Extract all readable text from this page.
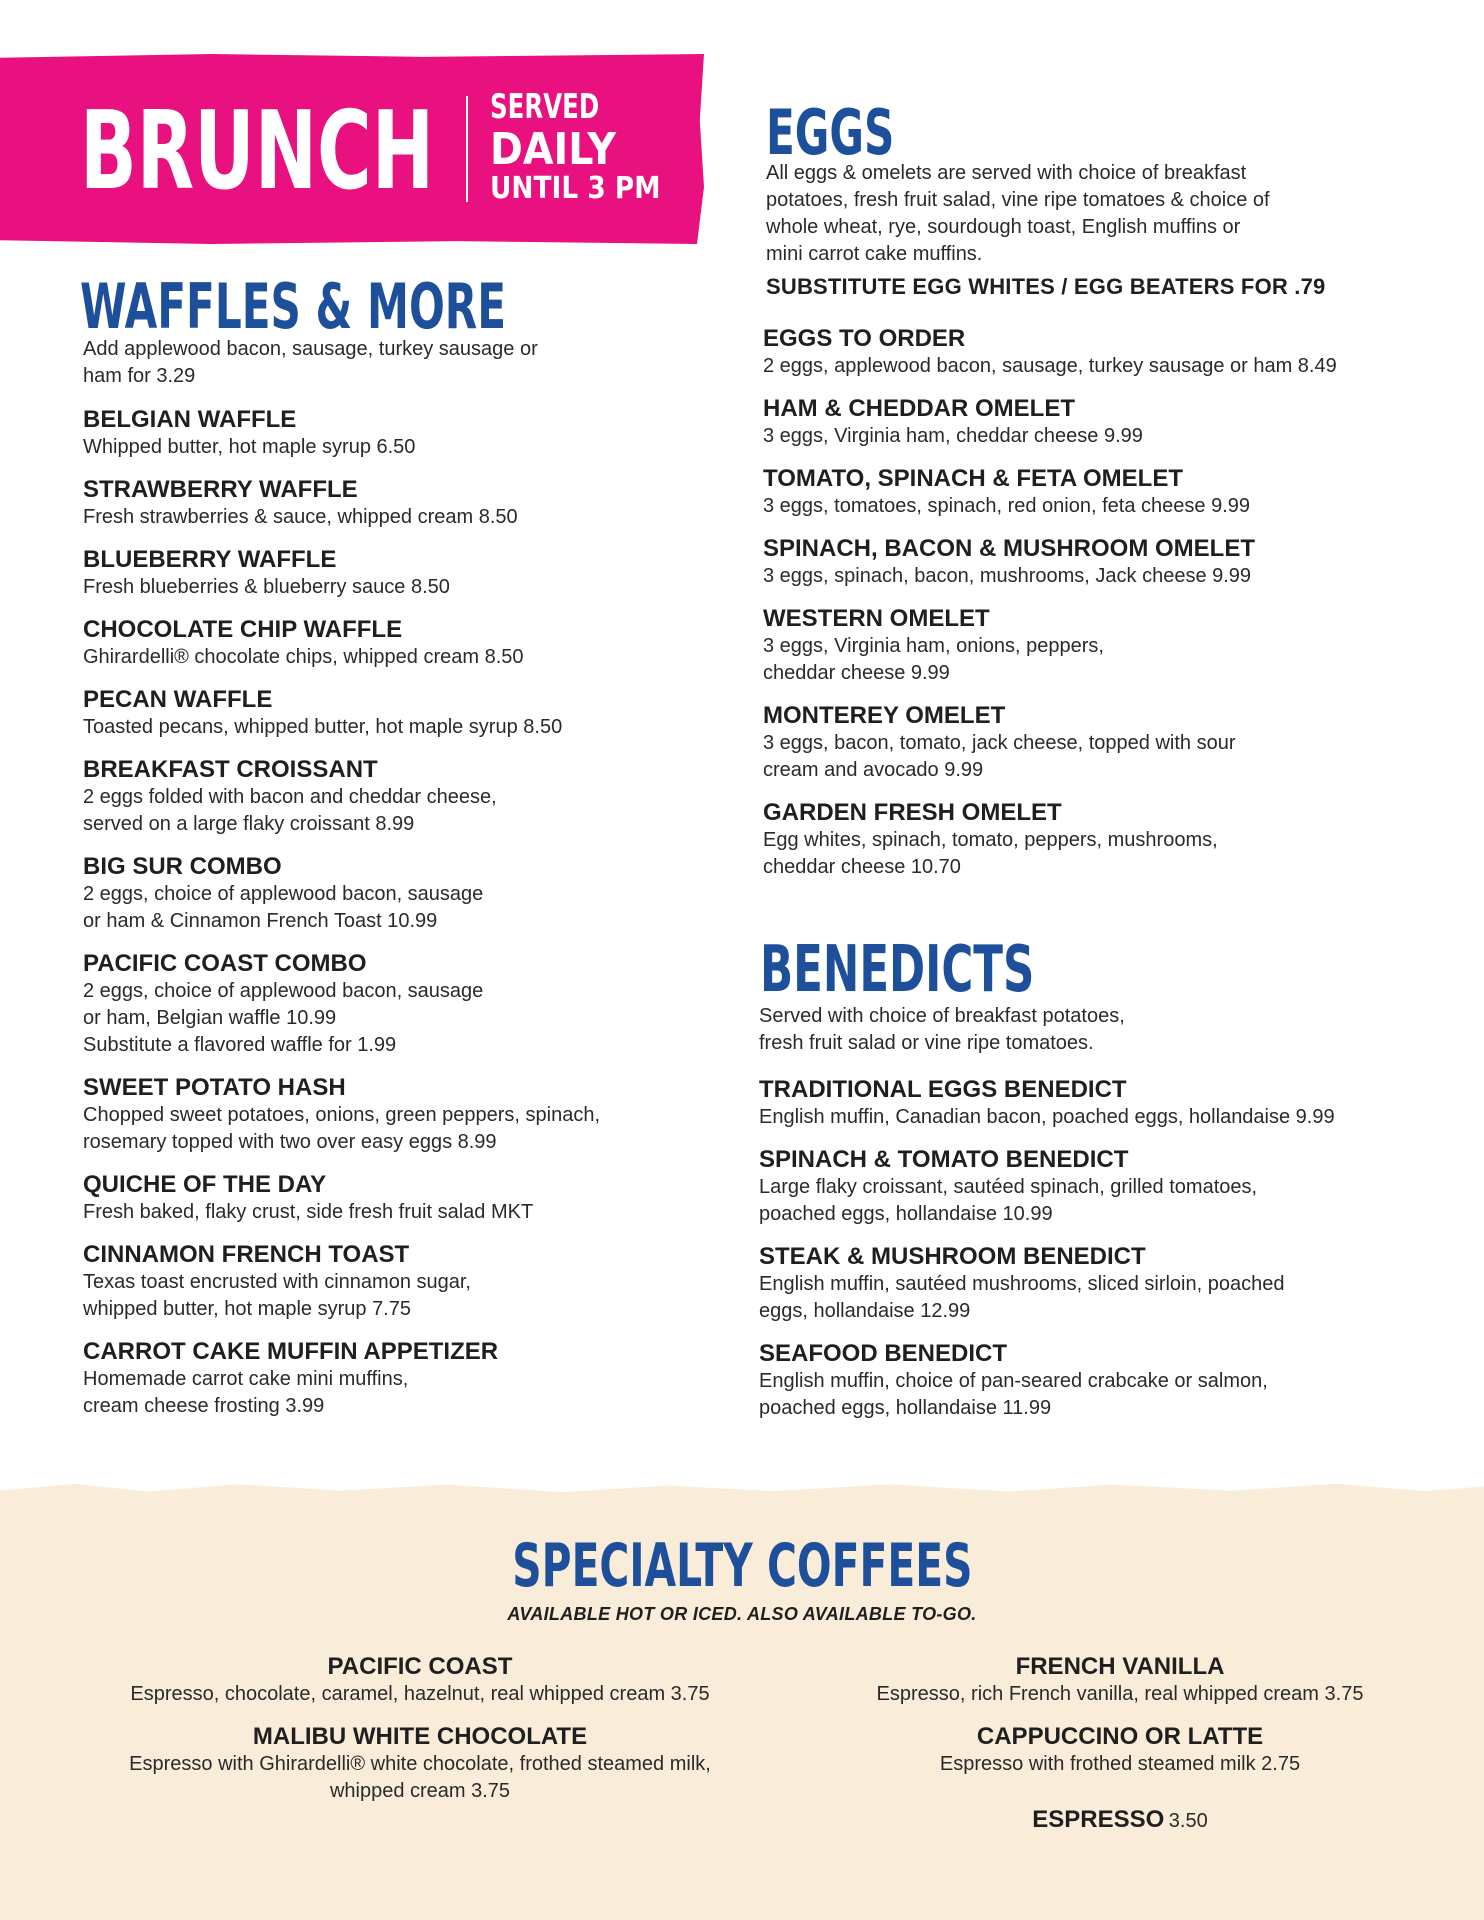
BRUNCH SERVED
DAILY
UNTIL 3 PM
WAFFLES & MORE

Add applewood bacon, sausage, turkey sausage or
ham for 3.29

BELGIAN WAFFLE
Whipped butter, hot maple syrup 6.50
STRAWBERRY WAFFLE
Fresh strawberries & sauce, whipped cream 8.50
BLUEBERRY WAFFLE
Fresh blueberries & blueberry sauce 8.50
CHOCOLATE CHIP WAFFLE
Ghirardelli® chocolate chips, whipped cream 8.50
PECAN WAFFLE
Toasted pecans, whipped butter, hot maple syrup 8.50
BREAKFAST CROISSANT
2 eggs folded with bacon and cheddar cheese,
served on a large flaky croissant 8.99
BIG SUR COMBO
2 eggs, choice of applewood bacon, sausage
or ham & Cinnamon French Toast 10.99
PACIFIC COAST COMBO
2 eggs, choice of applewood bacon, sausage
or ham, Belgian waffle 10.99
Substitute a flavored waffle for 1.99
SWEET POTATO HASH
Chopped sweet potatoes, onions, green peppers, spinach,
rosemary topped with two over easy eggs 8.99
QUICHE OF THE DAY
Fresh baked, flaky crust, side fresh fruit salad MKT
CINNAMON FRENCH TOAST
Texas toast encrusted with cinnamon sugar,
whipped butter, hot maple syrup 7.75
CARROT CAKE MUFFIN APPETIZER
Homemade carrot cake mini muffins,
cream cheese frosting 3.99
EGGS

All eggs & omelets are served with choice of breakfast
potatoes, fresh fruit salad, vine ripe tomatoes & choice of
whole wheat, rye, sourdough toast, English muffins or
mini carrot cake muffins.

SUBSTITUTE EGG WHITES / EGG BEATERS FOR .79

EGGS TO ORDER
2 eggs, applewood bacon, sausage, turkey sausage or ham 8.49
HAM & CHEDDAR OMELET
3 eggs, Virginia ham, cheddar cheese 9.99
TOMATO, SPINACH & FETA OMELET
3 eggs, tomatoes, spinach, red onion, feta cheese 9.99
SPINACH, BACON & MUSHROOM OMELET
3 eggs, spinach, bacon, mushrooms, Jack cheese 9.99
WESTERN OMELET
3 eggs, Virginia ham, onions, peppers,
cheddar cheese 9.99
MONTEREY OMELET
3 eggs, bacon, tomato, jack cheese, topped with sour
cream and avocado 9.99
GARDEN FRESH OMELET
Egg whites, spinach, tomato, peppers, mushrooms,
cheddar cheese 10.70
BENEDICTS

Served with choice of breakfast potatoes,
fresh fruit salad or vine ripe tomatoes.

TRADITIONAL EGGS BENEDICT
English muffin, Canadian bacon, poached eggs, hollandaise 9.99
SPINACH & TOMATO BENEDICT
Large flaky croissant, sautéed spinach, grilled tomatoes,
poached eggs, hollandaise 10.99
STEAK & MUSHROOM BENEDICT
English muffin, sautéed mushrooms, sliced sirloin, poached
eggs, hollandaise 12.99
SEAFOOD BENEDICT
English muffin, choice of pan-seared crabcake or salmon,
poached eggs, hollandaise 11.99
SPECIALTY COFFEES

AVAILABLE HOT OR ICED. ALSO AVAILABLE TO-GO.

PACIFIC COAST
Espresso, chocolate, caramel, hazelnut, real whipped cream 3.75
MALIBU WHITE CHOCOLATE
Espresso with Ghirardelli® white chocolate, frothed steamed milk,
whipped cream 3.75
FRENCH VANILLA
Espresso, rich French vanilla, real whipped cream 3.75
CAPPUCCINO OR LATTE
Espresso with frothed steamed milk 2.75
ESPRESSO 3.50
